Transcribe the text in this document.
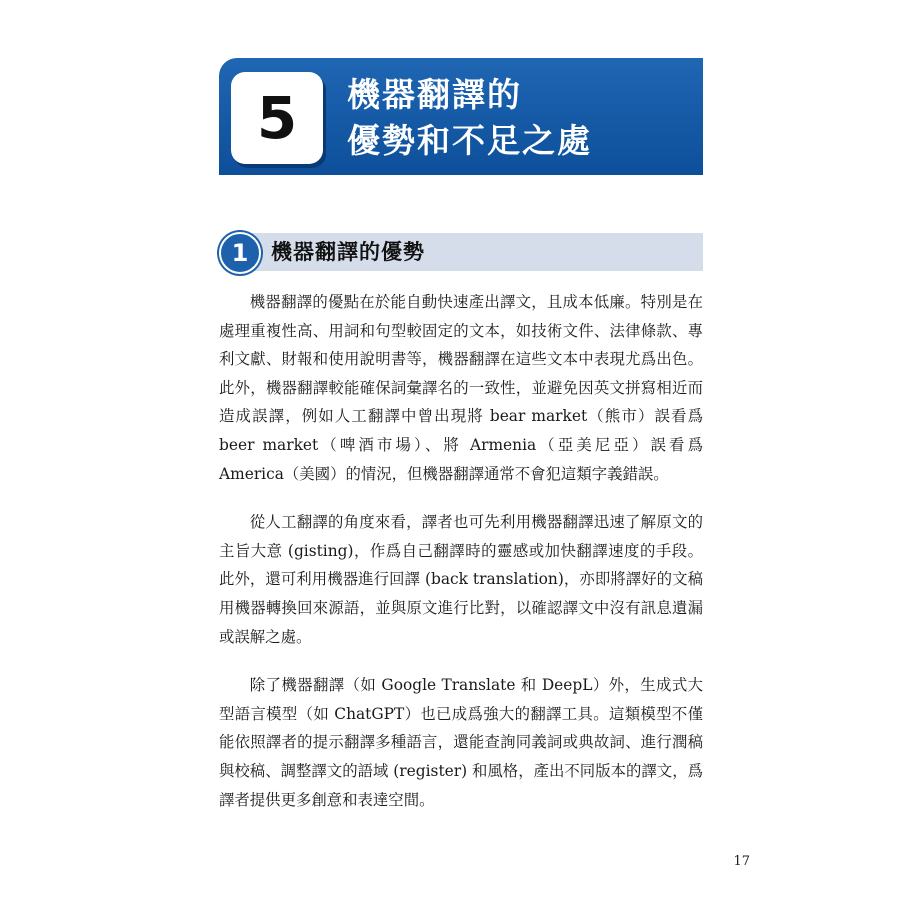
5 機器翻譯的
優勢和不足之處
1	機器翻譯的優勢

機器翻譯的優點在於能自動快速產出譯文，且成本低廉。特別是在處理重複性高、用詞和句型較固定的文本，如技術文件、法律條款、專利文獻、財報和使用說明書等，機器翻譯在這些文本中表現尤爲出色。此外，機器翻譯較能確保詞彙譯名的一致性，並避免因英文拼寫相近而造成誤譯，例如人工翻譯中曾出現將 bear market（熊市）誤看爲 beer market（啤酒市場）、將 Armenia（亞美尼亞）誤看爲 America（美國）的情況，但機器翻譯通常不會犯這類字義錯誤。

從人工翻譯的角度來看，譯者也可先利用機器翻譯迅速了解原文的主旨大意 (gisting)，作爲自己翻譯時的靈感或加快翻譯速度的手段。此外，還可利用機器進行回譯 (back translation)，亦即將譯好的文稿用機器轉換回來源語，並與原文進行比對，以確認譯文中沒有訊息遺漏或誤解之處。

除了機器翻譯（如 Google Translate 和 DeepL）外，生成式大型語言模型（如 ChatGPT）也已成爲強大的翻譯工具。這類模型不僅能依照譯者的提示翻譯多種語言，還能查詢同義詞或典故詞、進行潤稿與校稿、調整譯文的語域 (register) 和風格，產出不同版本的譯文，爲譯者提供更多創意和表達空間。

17
